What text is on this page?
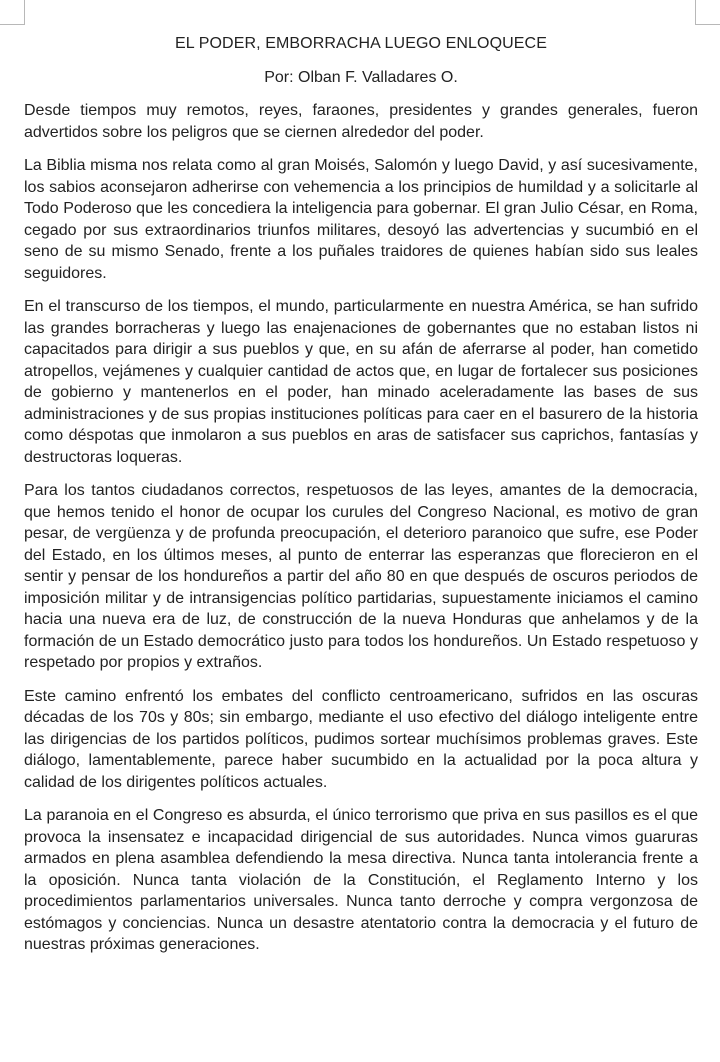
EL PODER, EMBORRACHA LUEGO ENLOQUECE

Por: Olban F. Valladares O.

Desde tiempos muy remotos, reyes, faraones, presidentes y grandes generales, fueron advertidos sobre los peligros que se ciernen alrededor del poder.

La Biblia misma nos relata como al gran Moisés, Salomón y luego David, y así sucesivamente, los sabios aconsejaron adherirse con vehemencia a los principios de humildad y a solicitarle al Todo Poderoso que les concediera la inteligencia para gobernar. El gran Julio César, en Roma, cegado por sus extraordinarios triunfos militares, desoyó las advertencias y sucumbió en el seno de su mismo Senado, frente a los puñales traidores de quienes habían sido sus leales seguidores.

En el transcurso de los tiempos, el mundo, particularmente en nuestra América, se han sufrido las grandes borracheras y luego las enajenaciones de gobernantes que no estaban listos ni capacitados para dirigir a sus pueblos y que, en su afán de aferrarse al poder, han cometido atropellos, vejámenes y cualquier cantidad de actos que, en lugar de fortalecer sus posiciones de gobierno y mantenerlos en el poder, han minado aceleradamente las bases de sus administraciones y de sus propias instituciones políticas para caer en el basurero de la historia como déspotas que inmolaron a sus pueblos en aras de satisfacer sus caprichos, fantasías y destructoras loqueras.

Para los tantos ciudadanos correctos, respetuosos de las leyes, amantes de la democracia, que hemos tenido el honor de ocupar los curules del Congreso Nacional, es motivo de gran pesar, de vergüenza y de profunda preocupación, el deterioro paranoico que sufre, ese Poder del Estado, en los últimos meses, al punto de enterrar las esperanzas que florecieron en el sentir y pensar de los hondureños a partir del año 80 en que después de oscuros periodos de imposición militar y de intransigencias político partidarias, supuestamente iniciamos el camino hacia una nueva era de luz, de construcción de la nueva Honduras que anhelamos y de la formación de un Estado democrático justo para todos los hondureños. Un Estado respetuoso y respetado por propios y extraños.

Este camino enfrentó los embates del conflicto centroamericano, sufridos en las oscuras décadas de los 70s y 80s; sin embargo, mediante el uso efectivo del diálogo inteligente entre las dirigencias de los partidos políticos, pudimos sortear muchísimos problemas graves. Este diálogo, lamentablemente, parece haber sucumbido en la actualidad por la poca altura y calidad de los dirigentes políticos actuales.

La paranoia en el Congreso es absurda, el único terrorismo que priva en sus pasillos es el que provoca la insensatez e incapacidad dirigencial de sus autoridades. Nunca vimos guaruras armados en plena asamblea defendiendo la mesa directiva. Nunca tanta intolerancia frente a la oposición. Nunca tanta violación de la Constitución, el Reglamento Interno y los procedimientos parlamentarios universales. Nunca tanto derroche y compra vergonzosa de estómagos y conciencias. Nunca un desastre atentatorio contra la democracia y el futuro de nuestras próximas generaciones.
